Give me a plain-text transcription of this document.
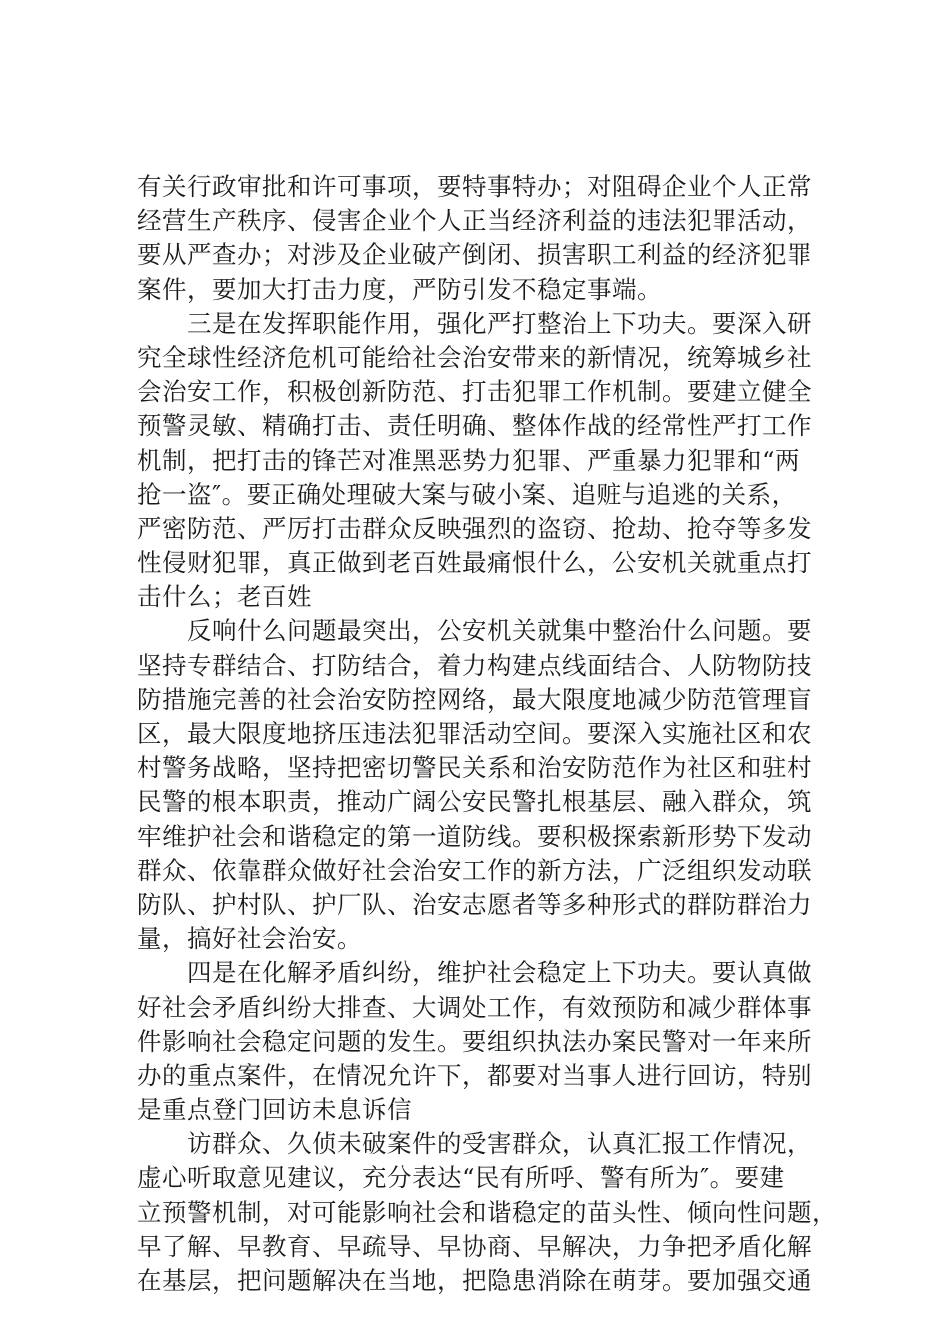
有关行政审批和许可事项，要特事特办；对阻碍企业个人正常
经营生产秩序、侵害企业个人正当经济利益的违法犯罪活动，
要从严查办；对涉及企业破产倒闭、损害职工利益的经济犯罪
案件，要加大打击力度，严防引发不稳定事端。
三是在发挥职能作用，强化严打整治上下功夫。要深入研
究全球性经济危机可能给社会治安带来的新情况，统筹城乡社
会治安工作，积极创新防范、打击犯罪工作机制。要建立健全
预警灵敏、精确打击、责任明确、整体作战的经常性严打工作
机制，把打击的锋芒对准黑恶势力犯罪、严重暴力犯罪和“两
抢一盗″。要正确处理破大案与破小案、追赃与追逃的关系，
严密防范、严厉打击群众反映强烈的盗窃、抢劫、抢夺等多发
性侵财犯罪，真正做到老百姓最痛恨什么，公安机关就重点打
击什么；老百姓
反响什么问题最突出，公安机关就集中整治什么问题。要
坚持专群结合、打防结合，着力构建点线面结合、人防物防技
防措施完善的社会治安防控网络，最大限度地减少防范管理盲
区，最大限度地挤压违法犯罪活动空间。要深入实施社区和农
村警务战略，坚持把密切警民关系和治安防范作为社区和驻村
民警的根本职责，推动广阔公安民警扎根基层、融入群众，筑
牢维护社会和谐稳定的第一道防线。要积极探索新形势下发动
群众、依靠群众做好社会治安工作的新方法，广泛组织发动联
防队、护村队、护厂队、治安志愿者等多种形式的群防群治力
量，搞好社会治安。
四是在化解矛盾纠纷，维护社会稳定上下功夫。要认真做
好社会矛盾纠纷大排查、大调处工作，有效预防和减少群体事
件影响社会稳定问题的发生。要组织执法办案民警对一年来所
办的重点案件，在情况允许下，都要对当事人进行回访，特别
是重点登门回访未息诉信
访群众、久侦未破案件的受害群众，认真汇报工作情况，
虚心听取意见建议，充分表达“民有所呼、警有所为″。要建
立预警机制，对可能影响社会和谐稳定的苗头性、倾向性问题，
早了解、早教育、早疏导、早协商、早解决，力争把矛盾化解
在基层，把问题解决在当地，把隐患消除在萌芽。要加强交通
